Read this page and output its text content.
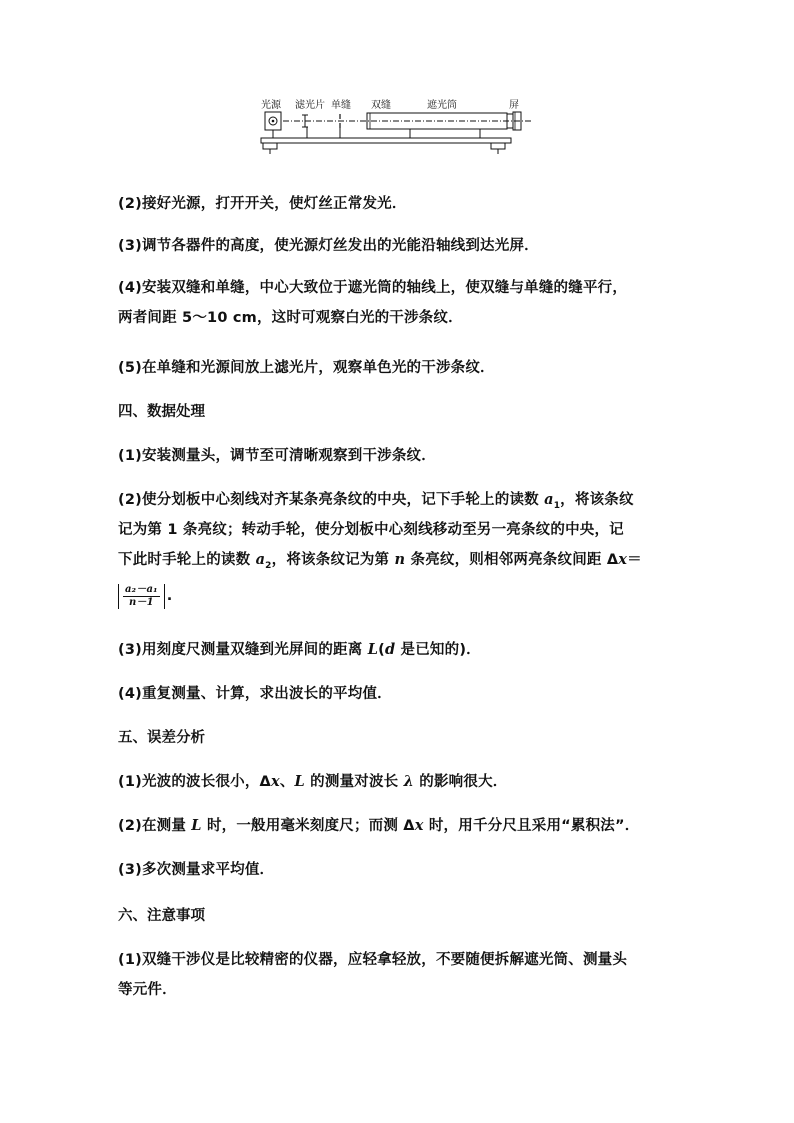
光源 滤光片 单缝 双缝	遮光筒	屏

(2)接好光源，打开开关，使灯丝正常发光．

(3)调节各器件的高度，使光源灯丝发出的光能沿轴线到达光屏．

(4)安装双缝和单缝，中心大致位于遮光筒的轴线上，使双缝与单缝的缝平行，

两者间距 5～10 cm，这时可观察白光的干涉条纹．

(5)在单缝和光源间放上滤光片，观察单色光的干涉条纹．

四、数据处理

(1)安装测量头，调节至可清晰观察到干涉条纹．

(2)使分划板中心刻线对齐某条亮条纹的中央，记下手轮上的读数 $a_1$，将该条纹

记为第 1 条亮纹；转动手轮，使分划板中心刻线移动至另一亮条纹的中央，记

下此时手轮上的读数 $a_2$，将该条纹记为第 n 条亮纹，则相邻两亮条纹间距 Δx＝

$\frac{\text{a₂－a₁}}{n-1}$ .

(3)用刻度尺测量双缝到光屏间的距离 L(d 是已知的)．

(4)重复测量、计算，求出波长的平均值．

五、误差分析

(1)光波的波长很小，Δx、L 的测量对波长 λ 的影响很大．

(2)在测量 L 时，一般用毫米刻度尺；而测 Δx 时，用千分尺且采用“累积法”．

(3)多次测量求平均值．

六、注意事项

(1)双缝干涉仪是比较精密的仪器，应轻拿轻放，不要随便拆解遮光筒、测量头

等元件．
